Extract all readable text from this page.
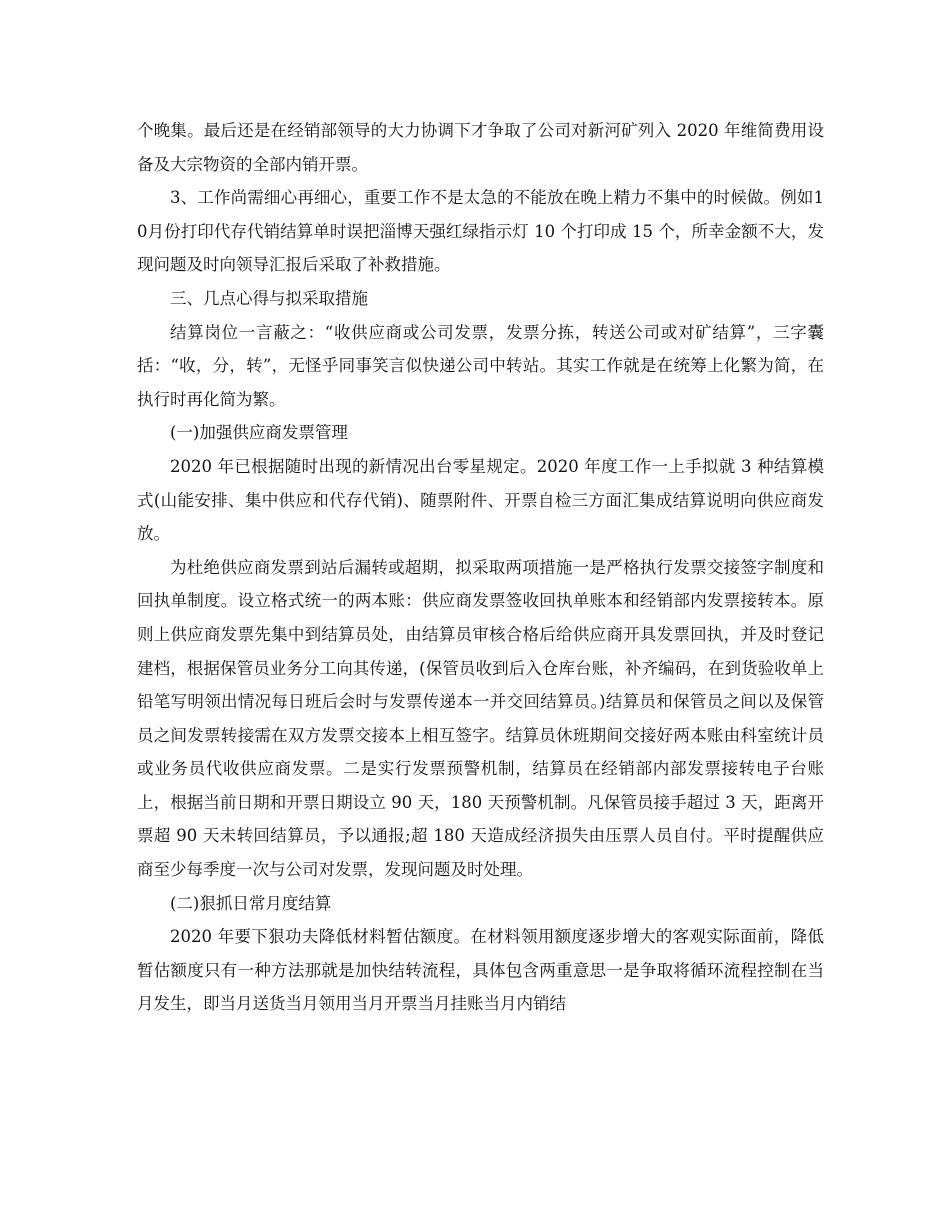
个晚集。最后还是在经销部领导的大力协调下才争取了公司对新河矿列入 2020 年维简费用设备及大宗物资的全部内销开票。

3、工作尚需细心再细心，重要工作不是太急的不能放在晚上精力不集中的时候做。例如10月份打印代存代销结算单时误把淄博天强红绿指示灯 10 个打印成 15 个，所幸金额不大，发现问题及时向领导汇报后采取了补救措施。

三、几点心得与拟采取措施

结算岗位一言蔽之：“收供应商或公司发票，发票分拣，转送公司或对矿结算”，三字囊括：“收，分，转”，无怪乎同事笑言似快递公司中转站。其实工作就是在统筹上化繁为简，在执行时再化简为繁。

(一)加强供应商发票管理

2020 年已根据随时出现的新情况出台零星规定。2020 年度工作一上手拟就 3 种结算模式(山能安排、集中供应和代存代销)、随票附件、开票自检三方面汇集成结算说明向供应商发放。

为杜绝供应商发票到站后漏转或超期，拟采取两项措施一是严格执行发票交接签字制度和回执单制度。设立格式统一的两本账：供应商发票签收回执单账本和经销部内发票接转本。原则上供应商发票先集中到结算员处，由结算员审核合格后给供应商开具发票回执，并及时登记建档，根据保管员业务分工向其传递，(保管员收到后入仓库台账，补齐编码，在到货验收单上铅笔写明领出情况每日班后会时与发票传递本一并交回结算员。)结算员和保管员之间以及保管员之间发票转接需在双方发票交接本上相互签字。结算员休班期间交接好两本账由科室统计员或业务员代收供应商发票。二是实行发票预警机制，结算员在经销部内部发票接转电子台账上，根据当前日期和开票日期设立 90 天，180 天预警机制。凡保管员接手超过 3 天，距离开票超 90 天未转回结算员，予以通报;超 180 天造成经济损失由压票人员自付。平时提醒供应商至少每季度一次与公司对发票，发现问题及时处理。

(二)狠抓日常月度结算

2020 年要下狠功夫降低材料暂估额度。在材料领用额度逐步增大的客观实际面前，降低暂估额度只有一种方法那就是加快结转流程，具体包含两重意思一是争取将循环流程控制在当月发生，即当月送货当月领用当月开票当月挂账当月内销结
